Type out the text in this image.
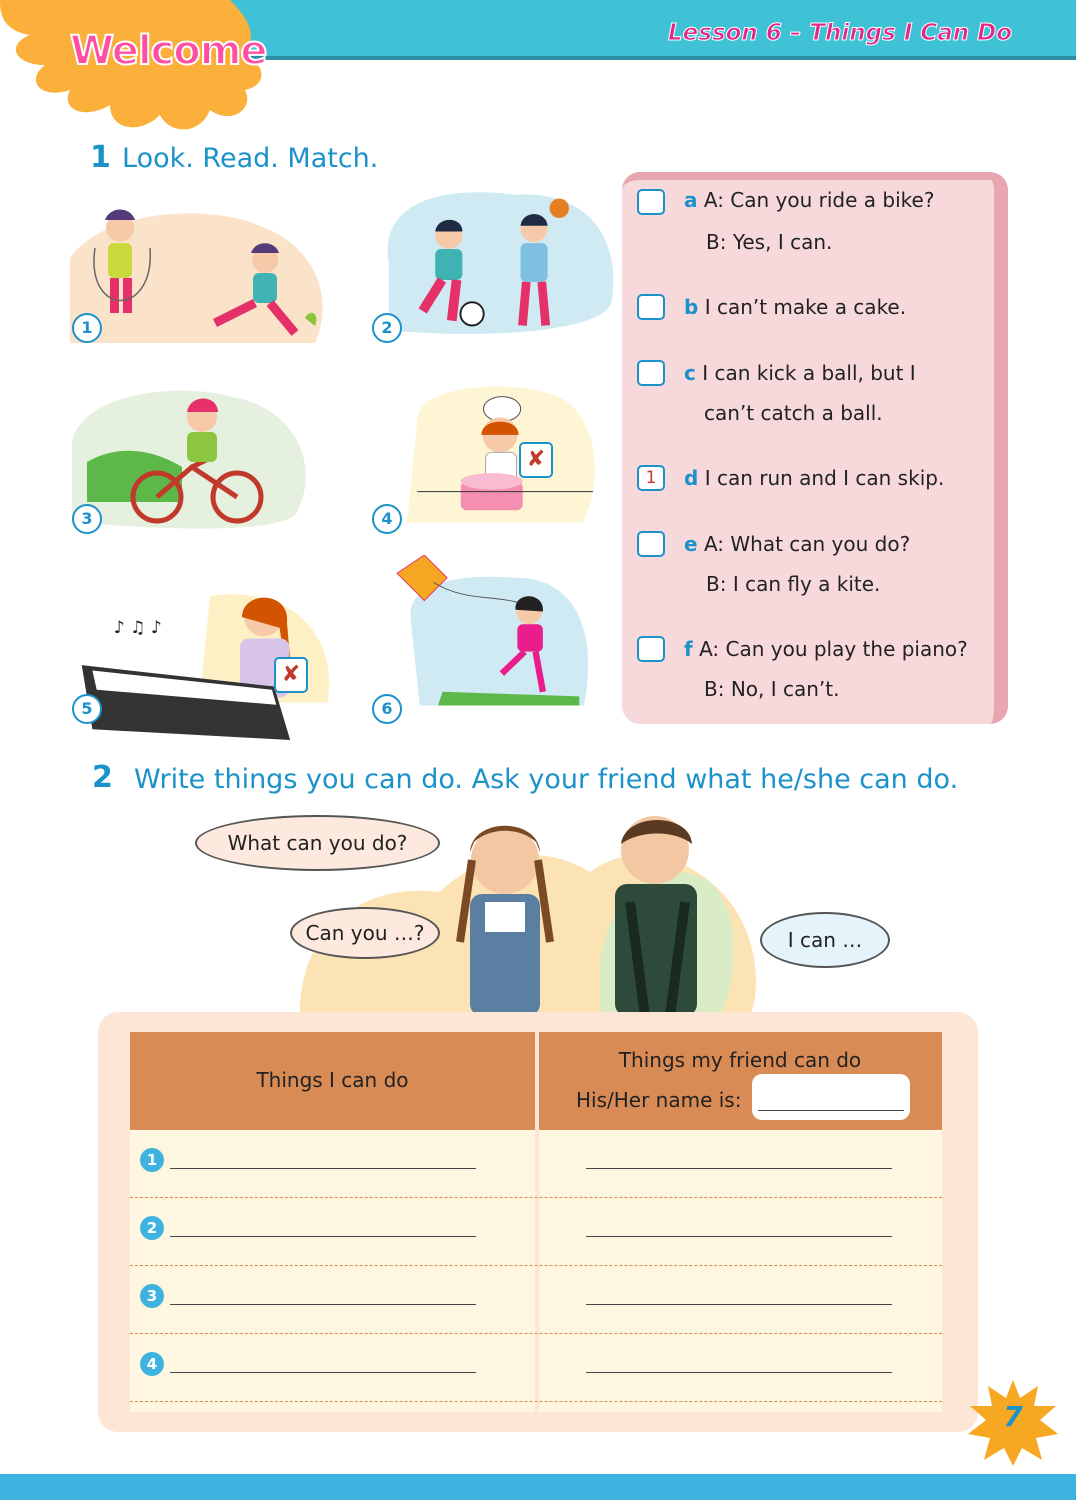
Welcome	Lesson 6 – Things I Can Do
1 Look. Read. Match.
✘
♪ ♫ ♪
✘
1	2
3	4
5	6
a A: Can you ride a bike?
B: Yes, I can.
b I can’t make a cake.
c I can kick a ball, but I
can’t catch a ball.
1	d I can run and I can skip.
e A: What can you do?
B: I can fly a kite.
f A: Can you play the piano?
B: No, I can’t.
2 Write things you can do. Ask your friend what he/she can do.
What can you do?
Can you …?	I can …
Things I can do
Things my friend can do
His/Her name is:
1
2
3
4
7
